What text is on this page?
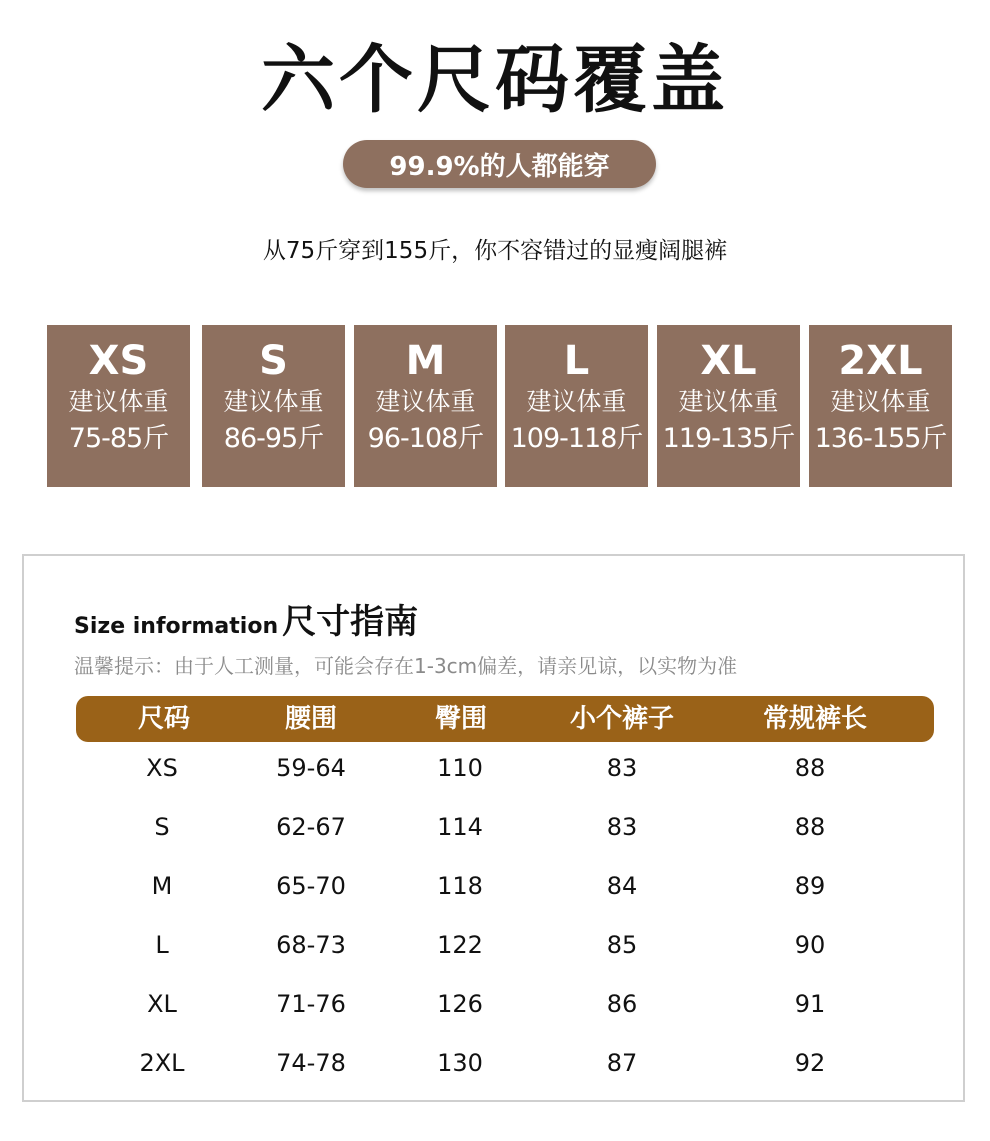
六个尺码覆盖
99.9%的人都能穿
从75斤穿到155斤，你不容错过的显瘦阔腿裤
XS
建议体重
75-85斤
S
建议体重
86-95斤
M
建议体重
96-108斤
L
建议体重
109-118斤
XL
建议体重
119-135斤
2XL
建议体重
136-155斤
Size information 尺寸指南
温馨提示：由于人工测量，可能会存在1-3cm偏差，请亲见谅，以实物为准
尺码	腰围	臀围	小个裤子	常规裤长
XS	59-64	110	83	88
S	62-67	114	83	88
M	65-70	118	84	89
L	68-73	122	85	90
XL	71-76	126	86	91
2XL	74-78	130	87	92
